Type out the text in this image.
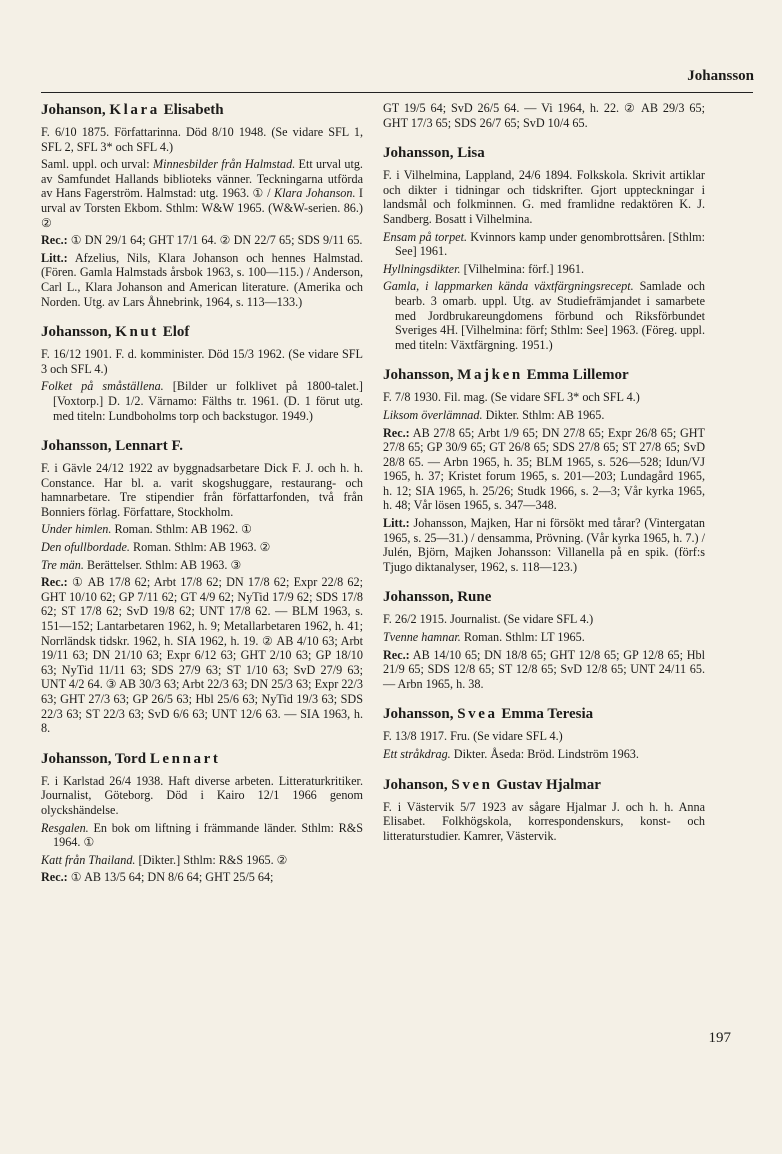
Johansson
Johanson, Klara Elisabeth
F. 6/10 1875. Författarinna. Död 8/10 1948. (Se vidare SFL 1, SFL 2, SFL 3* och SFL 4.)
Saml. uppl. och urval: Minnesbilder från Halmstad. Ett urval utg. av Samfundet Hallands biblioteks vänner. Teckningarna utförda av Hans Fagerström. Halmstad: utg. 1963. ① / Klara Johanson. I urval av Torsten Ekbom. Sthlm: W&W 1965. (W&W-serien. 86.) ②
Rec.: ① DN 29/1 64; GHT 17/1 64. ② DN 22/7 65; SDS 9/11 65.
Litt.: Afzelius, Nils, Klara Johanson och hennes Halmstad. (Fören. Gamla Halmstads årsbok 1963, s. 100—115.) / Anderson, Carl L., Klara Johanson and American literature. (Amerika och Norden. Utg. av Lars Åhnebrink, 1964, s. 113—133.)
Johansson, Knut Elof
F. 16/12 1901. F. d. komminister. Död 15/3 1962. (Se vidare SFL 3 och SFL 4.)
Folket på småställena. [Bilder ur folklivet på 1800-talet.] [Voxtorp.] D. 1/2. Värnamo: Fälths tr. 1961. (D. 1 förut utg. med titeln: Lundboholms torp och backstugor. 1949.)
Johansson, Lennart F.
F. i Gävle 24/12 1922 av byggnadsarbetare Dick F. J. och h. h. Constance. Har bl. a. varit skogshuggare, restaurang- och hamnarbetare. Tre stipendier från författarfonden, två från Bonniers förlag. Författare, Stockholm.
Under himlen. Roman. Sthlm: AB 1962. ①
Den ofullbordade. Roman. Sthlm: AB 1963. ②
Tre män. Berättelser. Sthlm: AB 1963. ③
Rec.: ① AB 17/8 62; Arbt 17/8 62; DN 17/8 62; Expr 22/8 62; GHT 10/10 62; GP 7/11 62; GT 4/9 62; NyTid 17/9 62; SDS 17/8 62; ST 17/8 62; SvD 19/8 62; UNT 17/8 62. — BLM 1963, s. 151—152; Lantarbetaren 1962, h. 9; Metallarbetaren 1962, h. 41; Norrländsk tidskr. 1962, h. SIA 1962, h. 19. ② AB 4/10 63; Arbt 19/11 63; DN 21/10 63; Expr 6/12 63; GHT 2/10 63; GP 18/10 63; NyTid 11/11 63; SDS 27/9 63; ST 1/10 63; SvD 27/9 63; UNT 4/2 64. ③ AB 30/3 63; Arbt 22/3 63; DN 25/3 63; Expr 22/3 63; GHT 27/3 63; GP 26/5 63; Hbl 25/6 63; NyTid 19/3 63; SDS 22/3 63; ST 22/3 63; SvD 6/6 63; UNT 12/6 63. — SIA 1963, h. 8.
Johansson, Tord Lennart
F. i Karlstad 26/4 1938. Haft diverse arbeten. Litteraturkritiker. Journalist, Göteborg. Död i Kairo 12/1 1966 genom olyckshändelse.
Resgalen. En bok om liftning i främmande länder. Sthlm: R&S 1964. ①
Katt från Thailand. [Dikter.] Sthlm: R&S 1965. ②
Rec.: ① AB 13/5 64; DN 8/6 64; GHT 25/5 64;
GT 19/5 64; SvD 26/5 64. — Vi 1964, h. 22. ② AB 29/3 65; GHT 17/3 65; SDS 26/7 65; SvD 10/4 65.
Johansson, Lisa
F. i Vilhelmina, Lappland, 24/6 1894. Folkskola. Skrivit artiklar och dikter i tidningar och tidskrifter. Gjort uppteckningar i landsmål och folkminnen. G. med framlidne redaktören K. J. Sandberg. Bosatt i Vilhelmina.
Ensam på torpet. Kvinnors kamp under genombrottsåren. [Sthlm: See] 1961.
Hyllningsdikter. [Vilhelmina: förf.] 1961.
Gamla, i lappmarken kända växtfärgningsrecept. Samlade och bearb. 3 omarb. uppl. Utg. av Studiefrämjandet i samarbete med Jordbrukareungdomens förbund och Riksförbundet Sveriges 4H. [Vilhelmina: förf; Sthlm: See] 1963. (Föreg. uppl. med titeln: Växtfärgning. 1951.)
Johansson, Majken Emma Lillemor
F. 7/8 1930. Fil. mag. (Se vidare SFL 3* och SFL 4.)
Liksom överlämnad. Dikter. Sthlm: AB 1965.
Rec.: AB 27/8 65; Arbt 1/9 65; DN 27/8 65; Expr 26/8 65; GHT 27/8 65; GP 30/9 65; GT 26/8 65; SDS 27/8 65; ST 27/8 65; SvD 28/8 65. — Arbn 1965, h. 35; BLM 1965, s. 526—528; Idun/VJ 1965, h. 37; Kristet forum 1965, s. 201—203; Lundagård 1965, h. 12; SIA 1965, h. 25/26; Studk 1966, s. 2—3; Vår kyrka 1965, h. 48; Vår lösen 1965, s. 347—348.
Litt.: Johansson, Majken, Har ni försökt med tårar? (Vintergatan 1965, s. 25—31.) / densamma, Prövning. (Vår kyrka 1965, h. 7.) / Julén, Björn, Majken Johansson: Villanella på en spik. (förf:s Tjugo diktanalyser, 1962, s. 118—123.)
Johansson, Rune
F. 26/2 1915. Journalist. (Se vidare SFL 4.)
Tvenne hamnar. Roman. Sthlm: LT 1965.
Rec.: AB 14/10 65; DN 18/8 65; GHT 12/8 65; GP 12/8 65; Hbl 21/9 65; SDS 12/8 65; ST 12/8 65; SvD 12/8 65; UNT 24/11 65. — Arbn 1965, h. 38.
Johansson, Svea Emma Teresia
F. 13/8 1917. Fru. (Se vidare SFL 4.)
Ett stråkdrag. Dikter. Åseda: Bröd. Lindström 1963.
Johanson, Sven Gustav Hjalmar
F. i Västervik 5/7 1923 av sågare Hjalmar J. och h. h. Anna Elisabet. Folkhögskola, korrespondenskurs, konst- och litteraturstudier. Kamrer, Västervik.
197
